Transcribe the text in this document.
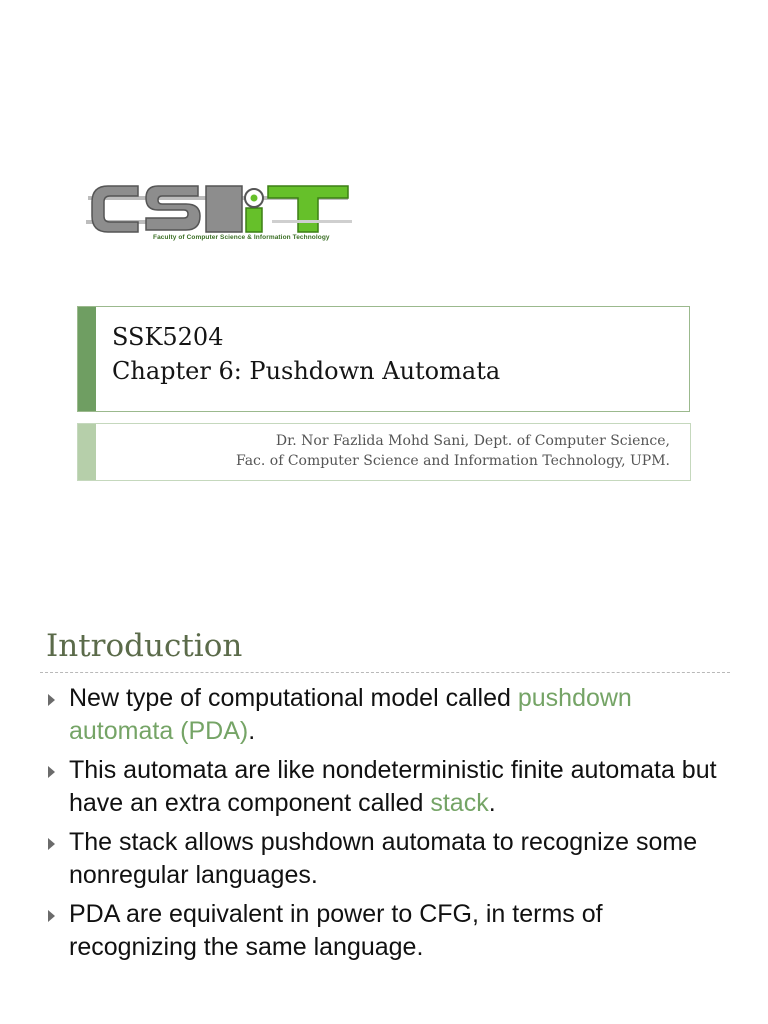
Faculty of Computer Science & Information Technology
SSK5204
Chapter 6: Pushdown Automata
Dr. Nor Fazlida Mohd Sani, Dept. of Computer Science,
Fac. of Computer Science and Information Technology, UPM.
Introduction
New type of computational model called pushdown automata (PDA).
This automata are like nondeterministic finite automata but have an extra component called stack.
The stack allows pushdown automata to recognize some nonregular languages.
PDA are equivalent in power to CFG, in terms of recognizing the same language.
